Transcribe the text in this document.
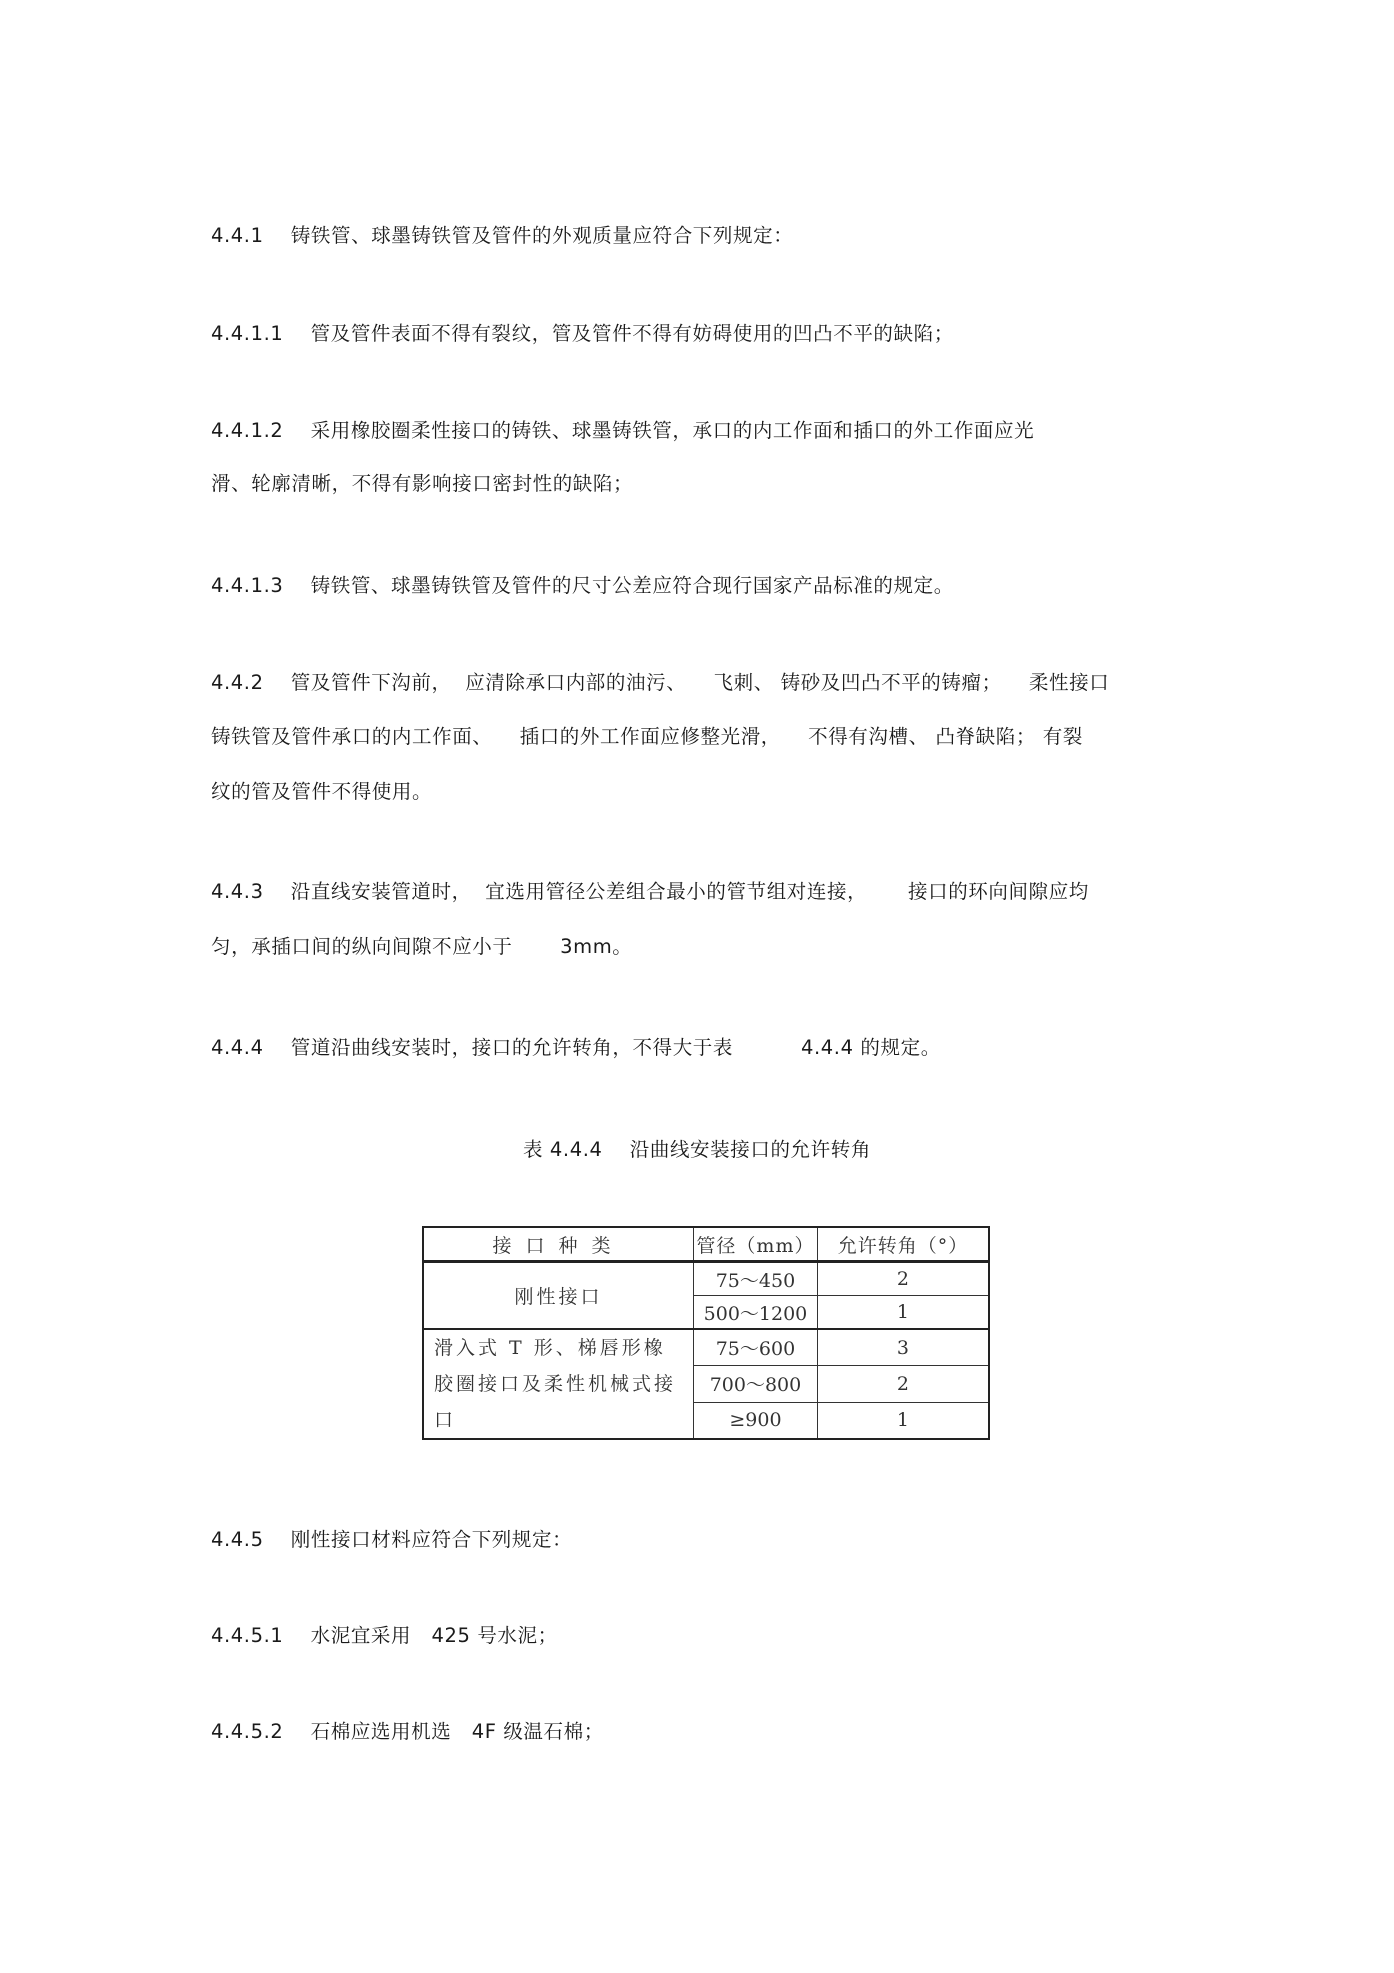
4.4.1    铸铁管、球墨铸铁管及管件的外观质量应符合下列规定：
4.4.1.1    管及管件表面不得有裂纹，管及管件不得有妨碍使用的凹凸不平的缺陷；
4.4.1.2    采用橡胶圈柔性接口的铸铁、球墨铸铁管，承口的内工作面和插口的外工作面应光
滑、轮廓清晰，不得有影响接口密封性的缺陷；
4.4.1.3    铸铁管、球墨铸铁管及管件的尺寸公差应符合现行国家产品标准的规定。
4.4.2    管及管件下沟前，  应清除承口内部的油污、    飞刺、 铸砂及凹凸不平的铸瘤；    柔性接口
铸铁管及管件承口的内工作面、    插口的外工作面应修整光滑，    不得有沟槽、 凸脊缺陷； 有裂
纹的管及管件不得使用。
4.4.3    沿直线安装管道时，  宜选用管径公差组合最小的管节组对连接，      接口的环向间隙应均
匀，承插口间的纵向间隙不应小于       3mm。
4.4.4    管道沿曲线安装时，接口的允许转角，不得大于表          4.4.4 的规定。
表 4.4.4    沿曲线安装接口的允许转角
接口种类	管径（mm）	允许转角（°）
刚性接口	75～450	2
	500～1200	1
滑入式 T 形、梯唇形橡胶圈接口及柔性机械式接口	75～600	3
	700～800	2
	≥900	1
4.4.5    刚性接口材料应符合下列规定：
4.4.5.1    水泥宜采用   425 号水泥；
4.4.5.2    石棉应选用机选   4F 级温石棉；
